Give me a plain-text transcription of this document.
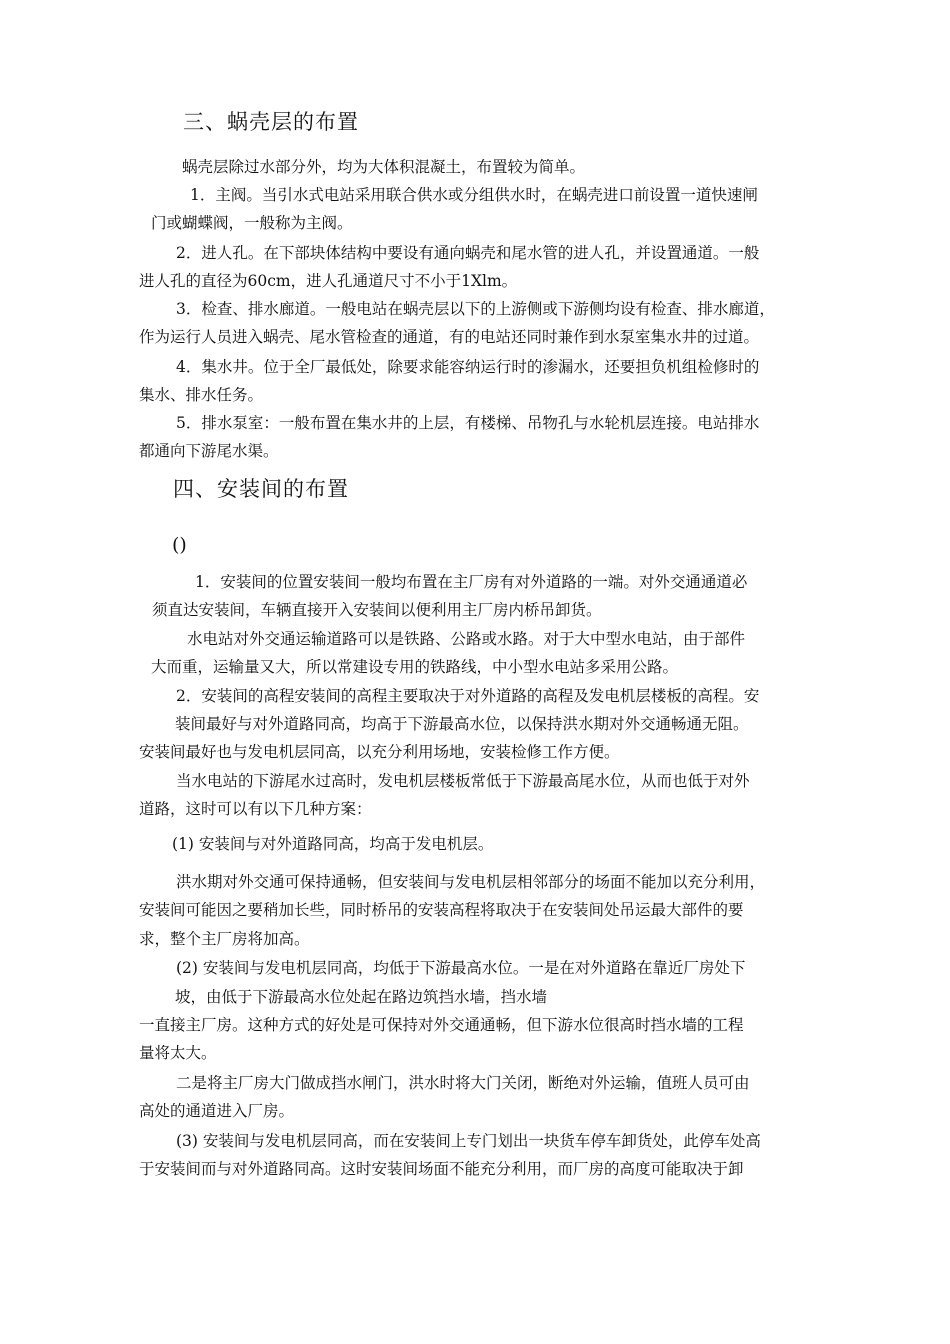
三、蜗壳层的布置
蜗壳层除过水部分外，均为大体积混凝土，布置较为简单。
1．主阀。当引水式电站采用联合供水或分组供水时，在蜗壳进口前设置一道快速闸
门或蝴蝶阀，一般称为主阀。
2．进人孔。在下部块体结构中要设有通向蜗壳和尾水管的进人孔，并设置通道。一般
进人孔的直径为60cm，进人孔通道尺寸不小于1Xlm。
3．检查、排水廊道。一般电站在蜗壳层以下的上游侧或下游侧均设有检查、排水廊道，
作为运行人员进入蜗壳、尾水管检查的通道，有的电站还同时兼作到水泵室集水井的过道。
4．集水井。位于全厂最低处，除要求能容纳运行时的渗漏水，还要担负机组检修时的
集水、排水任务。
5．排水泵室：一般布置在集水井的上层，有楼梯、吊物孔与水轮机层连接。电站排水
都通向下游尾水渠。
四、安装间的布置
()
1．安装间的位置安装间一般均布置在主厂房有对外道路的一端。对外交通通道必
须直达安装间，车辆直接开入安装间以便利用主厂房内桥吊卸货。
水电站对外交通运输道路可以是铁路、公路或水路。对于大中型水电站，由于部件
大而重，运输量又大，所以常建设专用的铁路线，中小型水电站多采用公路。
2．安装间的高程安装间的高程主要取决于对外道路的高程及发电机层楼板的高程。安
装间最好与对外道路同高，均高于下游最高水位，以保持洪水期对外交通畅通无阻。
安装间最好也与发电机层同高，以充分利用场地，安装检修工作方便。
当水电站的下游尾水过高时，发电机层楼板常低于下游最高尾水位，从而也低于对外
道路，这时可以有以下几种方案：
(1) 安装间与对外道路同高，均高于发电机层。
洪水期对外交通可保持通畅，但安装间与发电机层相邻部分的场面不能加以充分利用，
安装间可能因之要稍加长些，同时桥吊的安装高程将取决于在安装间处吊运最大部件的要
求，整个主厂房将加高。
(2) 安装间与发电机层同高，均低于下游最高水位。一是在对外道路在靠近厂房处下
坡，由低于下游最高水位处起在路边筑挡水墙，挡水墙
一直接主厂房。这种方式的好处是可保持对外交通通畅，但下游水位很高时挡水墙的工程
量将太大。
二是将主厂房大门做成挡水闸门，洪水时将大门关闭，断绝对外运输，值班人员可由
高处的通道进入厂房。
(3) 安装间与发电机层同高，而在安装间上专门划出一块货车停车卸货处，此停车处高
于安装间而与对外道路同高。这时安装间场面不能充分利用，而厂房的高度可能取决于卸
